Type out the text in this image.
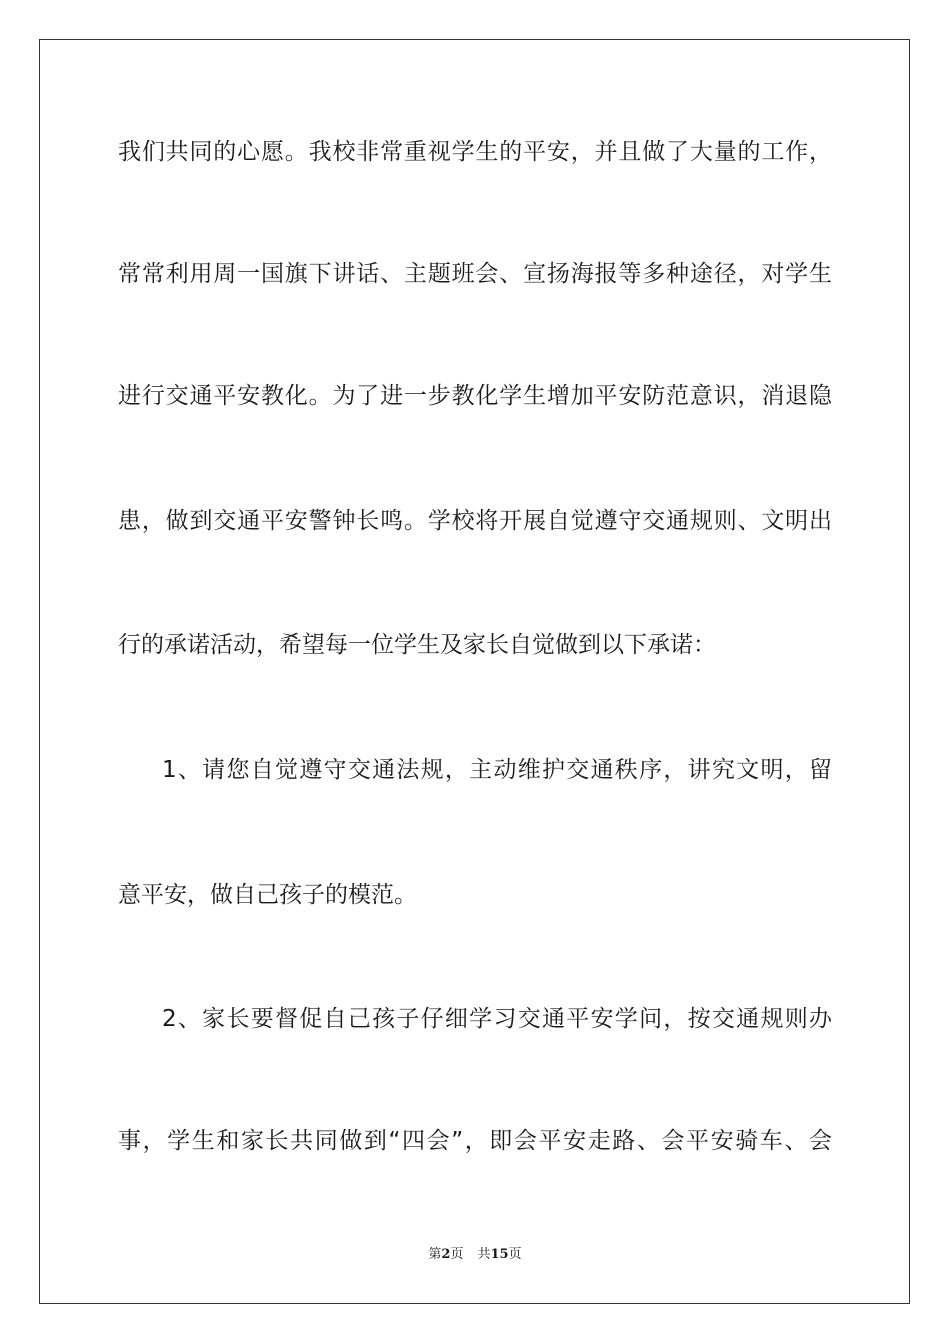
我们共同的心愿。我校非常重视学生的平安，并且做了大量的工作，
常常利用周一国旗下讲话、主题班会、宣扬海报等多种途径，对学生
进行交通平安教化。为了进一步教化学生增加平安防范意识，消退隐
患，做到交通平安警钟长鸣。学校将开展自觉遵守交通规则、文明出
行的承诺活动，希望每一位学生及家长自觉做到以下承诺：
1、请您自觉遵守交通法规，主动维护交通秩序，讲究文明，留
意平安，做自己孩子的模范。
2、家长要督促自己孩子仔细学习交通平安学问，按交通规则办
事，学生和家长共同做到“四会”，即会平安走路、会平安骑车、会
第2页 共15页
